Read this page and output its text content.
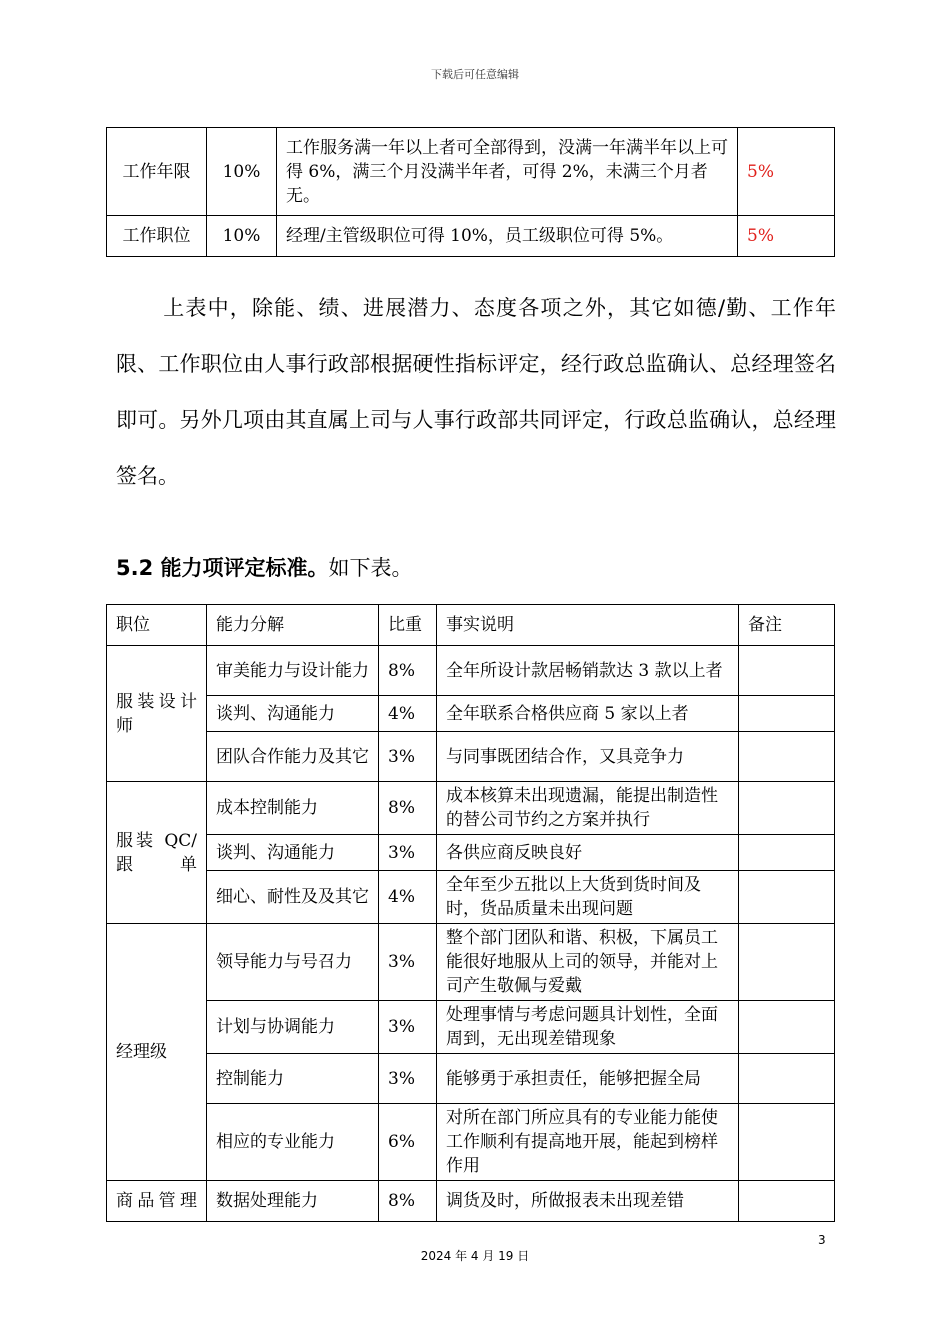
下载后可任意编辑
工作年限	10%	工作服务满一年以上者可全部得到，没满一年满半年以上可得 6%，满三个月没满半年者，可得 2%，未满三个月者无。	5%
工作职位	10%	经理/主管级职位可得 10%，员工级职位可得 5%。	5%
上表中，除能、绩、进展潜力、态度各项之外，其它如德/勤、工作年限、工作职位由人事行政部根据硬性指标评定，经行政总监确认、总经理签名即可。另外几项由其直属上司与人事行政部共同评定，行政总监确认，总经理签名。
5.2 能力项评定标准。如下表。
职位	能力分解	比重	事实说明	备注
服装设计师	审美能力与设计能力	8%	全年所设计款居畅销款达 3 款以上者	
	谈判、沟通能力	4%	全年联系合格供应商 5 家以上者	
	团队合作能力及其它	3%	与同事既团结合作，又具竞争力	
服装 QC/跟单	成本控制能力	8%	成本核算未出现遗漏，能提出制造性的替公司节约之方案并执行	
	谈判、沟通能力	3%	各供应商反映良好	
	细心、耐性及及其它	4%	全年至少五批以上大货到货时间及时，货品质量未出现问题	
经理级	领导能力与号召力	3%	整个部门团队和谐、积极，下属员工能很好地服从上司的领导，并能对上司产生敬佩与爱戴	
	计划与协调能力	3%	处理事情与考虑问题具计划性，全面周到，无出现差错现象	
	控制能力	3%	能够勇于承担责任，能够把握全局	
	相应的专业能力	6%	对所在部门所应具有的专业能力能使工作顺利有提高地开展，能起到榜样作用	
商品管理	数据处理能力	8%	调货及时，所做报表未出现差错	
3
2024 年 4 月 19 日
